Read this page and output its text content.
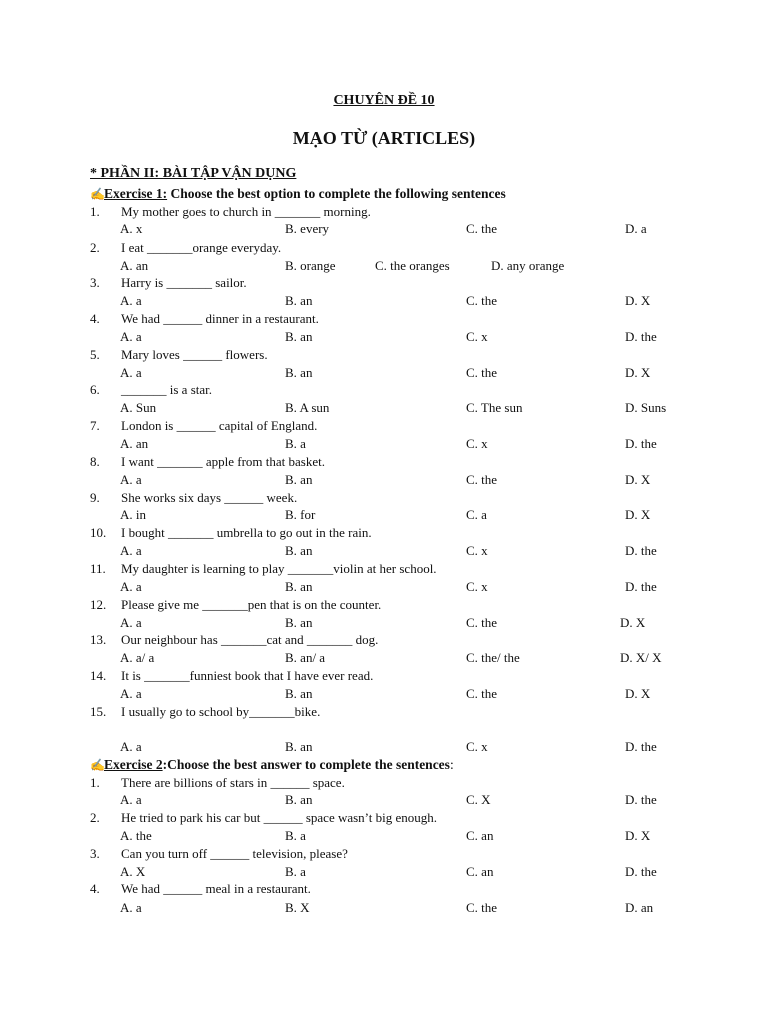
CHUYÊN ĐỀ 10
MẠO TỪ (ARTICLES)
* PHẦN II: BÀI TẬP VẬN DỤNG
✍Exercise 1: Choose the best option to complete the following sentences
1. My mother goes to church in _______ morning.
A. x	B. every	C. the	D. a
2. I eat _______orange everyday.
A. an	B. orange	C. the oranges	D. any orange
3. Harry is _______ sailor.
A. a	B. an	C. the	D. X
4. We had ______ dinner in a restaurant.
A. a	B. an	C. x	D. the
5. Mary loves ______ flowers.
A. a	B. an	C. the	D. X
6. _______ is a star.
A. Sun	B. A sun	C. The sun	D. Suns
7. London is ______ capital of England.
A. an	B. a	C. x	D. the
8. I want _______ apple from that basket.
A. a	B. an	C. the	D. X
9. She works six days ______ week.
A. in	B. for	C. a	D. X
10. I bought _______ umbrella to go out in the rain.
A. a	B. an	C. x	D. the
11. My daughter is learning to play _______violin at her school.
A. a	B. an	C. x	D. the
12. Please give me _______pen that is on the counter.
A. a	B. an	C. the	D. X
13. Our neighbour has _______cat and _______ dog.
A. a/ a	B. an/ a	C. the/ the	D. X/ X
14. It is _______funniest book that I have ever read.
A. a	B. an	C. the	D. X
15. I usually go to school by_______bike.
A. a	B. an	C. x	D. the
✍Exercise 2:Choose the best answer to complete the sentences:
1. There are billions of stars in ______ space.
A. a	B. an	C. X	D. the
2. He tried to park his car but ______ space wasn’t big enough.
A. the	B. a	C. an	D. X
3. Can you turn off ______ television, please?
A. X	B. a	C. an	D. the
4. We had ______ meal in a restaurant.
A. a	B. X	C. the	D. an
